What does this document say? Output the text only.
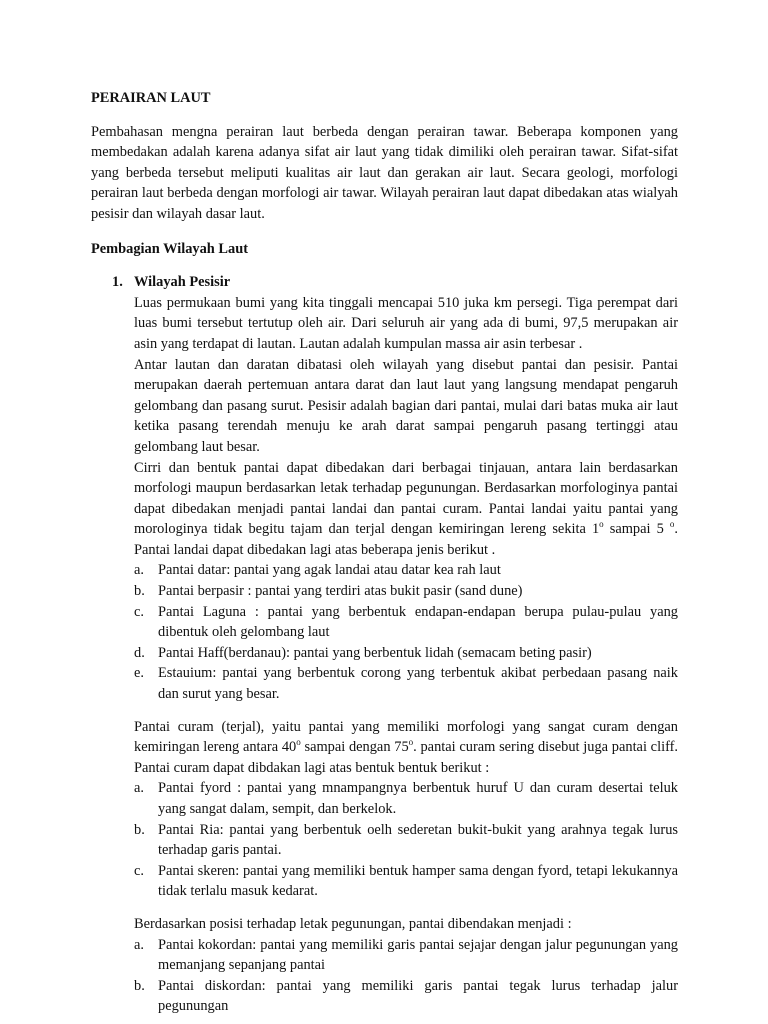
PERAIRAN LAUT

Pembahasan mengna perairan laut berbeda dengan perairan tawar. Beberapa komponen yang membedakan adalah karena adanya sifat air laut yang tidak dimiliki oleh perairan tawar. Sifat-sifat yang berbeda tersebut meliputi kualitas air laut dan gerakan air laut. Secara geologi, morfologi perairan laut berbeda dengan morfologi air tawar. Wilayah perairan laut dapat dibedakan atas wialyah pesisir dan wilayah dasar laut.

Pembagian Wilayah Laut

1. Wilayah Pesisir

Luas permukaan bumi yang kita tinggali mencapai 510 juka km persegi. Tiga perempat dari luas bumi tersebut tertutup oleh air. Dari seluruh air yang ada di bumi, 97,5 merupakan air asin yang terdapat di lautan. Lautan adalah kumpulan massa air asin terbesar .

Antar lautan dan daratan dibatasi oleh wilayah yang disebut pantai dan pesisir. Pantai merupakan daerah pertemuan antara darat dan laut laut yang langsung mendapat pengaruh gelombang dan pasang surut. Pesisir adalah bagian dari pantai, mulai dari batas muka air laut ketika pasang terendah menuju ke arah darat sampai pengaruh pasang tertinggi atau gelombang laut besar.

Cirri dan bentuk pantai dapat dibedakan dari berbagai tinjauan, antara lain berdasarkan morfologi maupun berdasarkan letak terhadap pegunungan. Berdasarkan morfologinya pantai dapat dibedakan menjadi pantai landai dan pantai curam. Pantai landai yaitu pantai yang morologinya tidak begitu tajam dan terjal dengan kemiringan lereng sekita 1$^o$ sampai 5 $^o$. Pantai landai dapat dibedakan lagi atas beberapa jenis berikut .

a. Pantai datar: pantai yang agak landai atau datar kea rah laut
b. Pantai berpasir : pantai yang terdiri atas bukit pasir (sand dune)
c. Pantai Laguna : pantai yang berbentuk endapan-endapan berupa pulau-pulau yang dibentuk oleh gelombang laut
d. Pantai Haff(berdanau): pantai yang berbentuk lidah (semacam beting pasir)
e. Estauium: pantai yang berbentuk corong yang terbentuk akibat perbedaan pasang naik dan surut yang besar.

Pantai curam (terjal), yaitu pantai yang memiliki morfologi yang sangat curam dengan kemiringan lereng antara 40$^o$ sampai dengan 75$^o$. pantai curam sering disebut juga pantai cliff. Pantai curam dapat dibdakan lagi atas bentuk bentuk berikut :

a. Pantai fyord : pantai yang mnampangnya berbentuk huruf U dan curam desertai teluk yang sangat dalam, sempit, dan berkelok.
b. Pantai Ria: pantai yang berbentuk oelh sederetan bukit-bukit yang arahnya tegak lurus terhadap garis pantai.
c. Pantai skeren: pantai yang memiliki bentuk hamper sama dengan fyord, tetapi lekukannya tidak terlalu masuk kedarat.

Berdasarkan posisi terhadap letak pegunungan, pantai dibendakan menjadi :

a. Pantai kokordan: pantai yang memiliki garis pantai sejajar dengan jalur pegunungan yang memanjang sepanjang pantai
b. Pantai diskordan: pantai yang memiliki garis pantai tegak lurus terhadap jalur pegunungan
